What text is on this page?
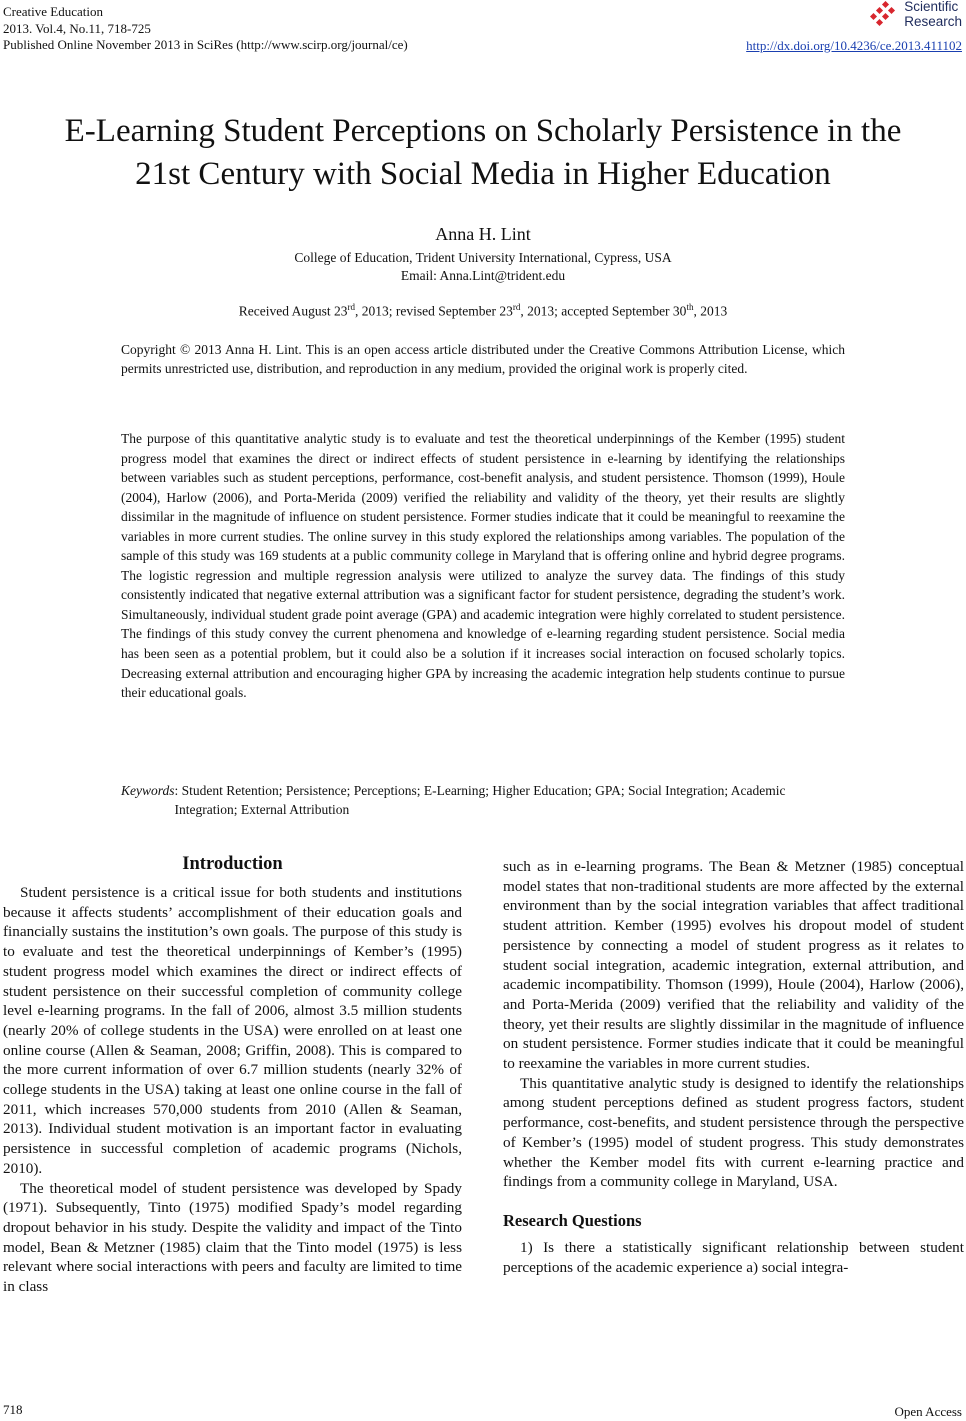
Creative Education
2013. Vol.4, No.11, 718-725
Published Online November 2013 in SciRes (http://www.scirp.org/journal/ce)
Scientific
Research
http://dx.doi.org/10.4236/ce.2013.411102
E-Learning Student Perceptions on Scholarly Persistence in the
21st Century with Social Media in Higher Education
Anna H. Lint
College of Education, Trident University International, Cypress, USA
Email: Anna.Lint@trident.edu
Received August 23rd, 2013; revised September 23rd, 2013; accepted September 30th, 2013
Copyright © 2013 Anna H. Lint. This is an open access article distributed under the Creative Commons Attribution License, which permits unrestricted use, distribution, and reproduction in any medium, provided the original work is properly cited.
The purpose of this quantitative analytic study is to evaluate and test the theoretical underpinnings of the Kember (1995) student progress model that examines the direct or indirect effects of student persistence in e-learning by identifying the relationships between variables such as student perceptions, performance, cost-benefit analysis, and student persistence. Thomson (1999), Houle (2004), Harlow (2006), and Porta-Merida (2009) verified the reliability and validity of the theory, yet their results are slightly dissimilar in the magnitude of influence on student persistence. Former studies indicate that it could be meaningful to reexamine the variables in more current studies. The online survey in this study explored the relationships among variables. The population of the sample of this study was 169 students at a public community college in Maryland that is offering online and hybrid degree programs. The logistic regression and multiple regression analysis were utilized to analyze the survey data. The findings of this study consistently indicated that negative external attribution was a significant factor for student persistence, degrading the student’s work. Simultaneously, individual student grade point average (GPA) and academic integration were highly correlated to student persistence. The findings of this study convey the current phenomena and knowledge of e-learning regarding student persistence. Social media has been seen as a potential problem, but it could also be a solution if it increases social interaction on focused scholarly topics. Decreasing external attribution and encouraging higher GPA by increasing the academic integration help students continue to pursue their educational goals.
Keywords : Student Retention; Persistence; Perceptions; E-Learning; Higher Education; GPA; Social Integration; Academic Integration; External Attribution
Introduction

Student persistence is a critical issue for both students and institutions because it affects students’ accomplishment of their education goals and financially sustains the institution’s own goals. The purpose of this study is to evaluate and test the theoretical underpinnings of Kember’s (1995) student progress model which examines the direct or indirect effects of student persistence on their successful completion of community college level e-learning programs. In the fall of 2006, almost 3.5 million students (nearly 20% of college students in the USA) were enrolled on at least one online course (Allen & Seaman, 2008; Griffin, 2008). This is compared to the more current information of over 6.7 million students (nearly 32% of college students in the USA) taking at least one online course in the fall of 2011, which increases 570,000 students from 2010 (Allen & Seaman, 2013). Individual student motivation is an important factor in evaluating persistence in successful completion of academic programs (Nichols, 2010).

The theoretical model of student persistence was developed by Spady (1971). Subsequently, Tinto (1975) modified Spady’s model regarding dropout behavior in his study. Despite the validity and impact of the Tinto model, Bean & Metzner (1985) claim that the Tinto model (1975) is less relevant where social interactions with peers and faculty are limited to time in class

such as in e-learning programs. The Bean & Metzner (1985) conceptual model states that non-traditional students are more affected by the external environment than by the social integration variables that affect traditional student attrition. Kember (1995) evolves his dropout model of student persistence by connecting a model of student progress as it relates to student social integration, academic integration, external attribution, and academic incompatibility. Thomson (1999), Houle (2004), Harlow (2006), and Porta-Merida (2009) verified that the reliability and validity of the theory, yet their results are slightly dissimilar in the magnitude of influence on student persistence. Former studies indicate that it could be meaningful to reexamine the variables in more current studies.

This quantitative analytic study is designed to identify the relationships among student perceptions defined as student progress factors, student performance, cost-benefits, and student persistence through the perspective of Kember’s (1995) model of student progress. This study demonstrates whether the Kember model fits with current e-learning practice and findings from a community college in Maryland, USA.

Research Questions

1) Is there a statistically significant relationship between student perceptions of the academic experience a) social integra-

718	Open Access
